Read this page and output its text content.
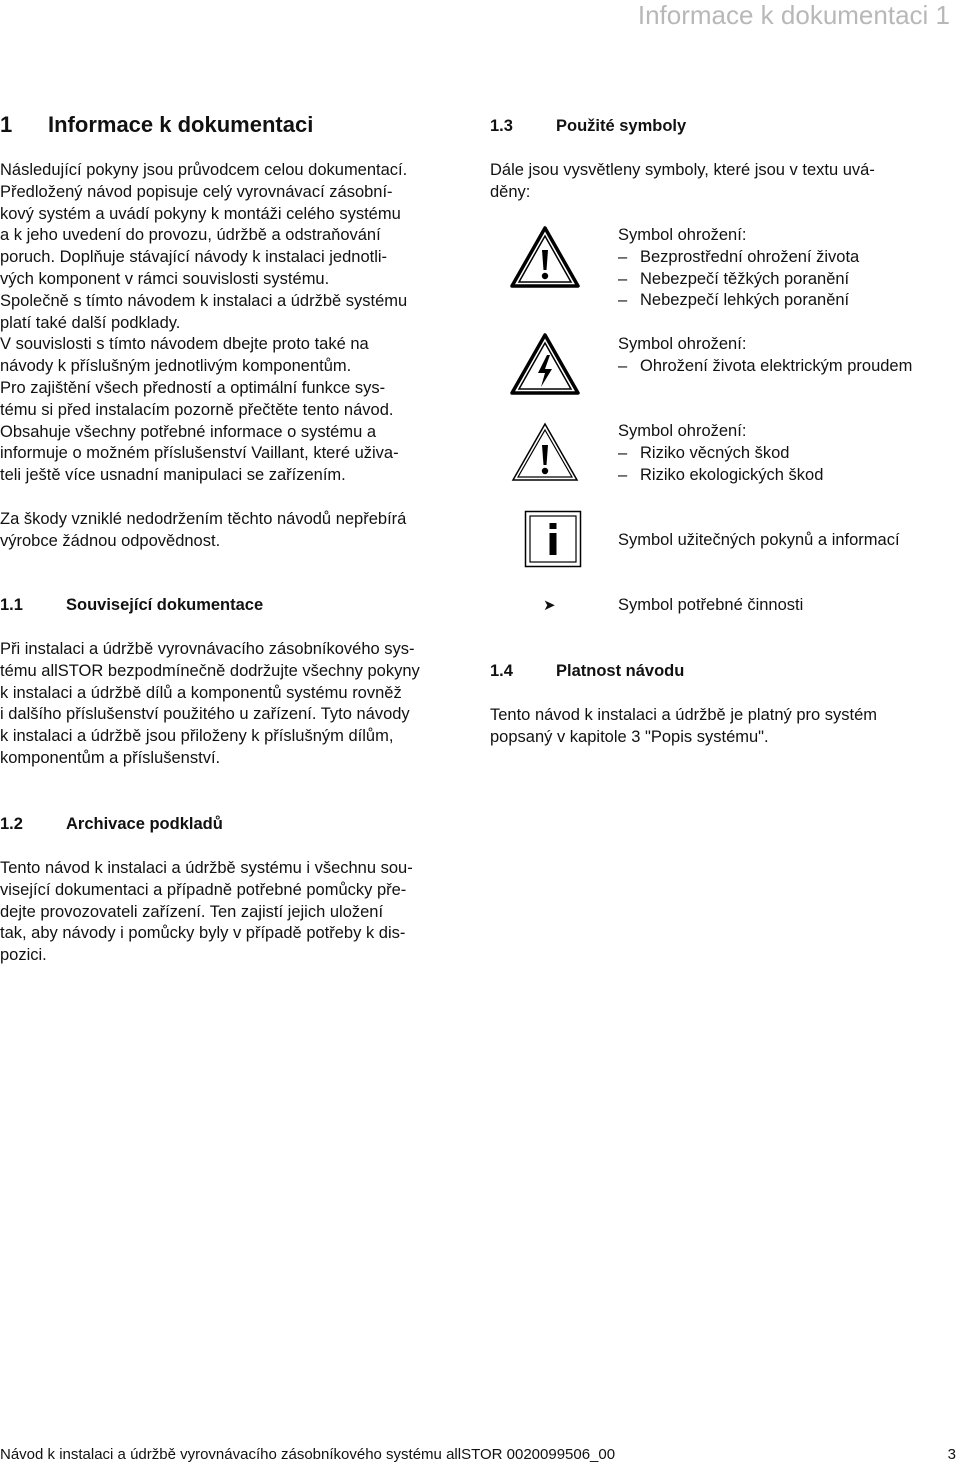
Informace k dokumentaci 1
1 Informace k dokumentaci

Následující pokyny jsou průvodcem celou dokumentací.

Předložený návod popisuje celý vyrovnávací zásobní-

kový systém a uvádí pokyny k montáži celého systému

a k jeho uvedení do provozu, údržbě a odstraňování

poruch. Doplňuje stávající návody k instalaci jednotli-

vých komponent v rámci souvislosti systému.

Společně s tímto návodem k instalaci a údržbě systému

platí také další podklady.

V souvislosti s tímto návodem dbejte proto také na

návody k příslušným jednotlivým komponentům.

Pro zajištění všech předností a optimální funkce sys-

tému si před instalacím pozorně přečtěte tento návod.

Obsahuje všechny potřebné informace o systému a

informuje o možném příslušenství Vaillant, které uživa-

teli ještě více usnadní manipulaci se zařízením.

Za škody vzniklé nedodržením těchto návodů nepřebírá

výrobce žádnou odpovědnost.

1.1	Související dokumentace

Při instalaci a údržbě vyrovnávacího zásobníkového sys-

tému allSTOR bezpodmínečně dodržujte všechny pokyny

k instalaci a údržbě dílů a komponentů systému rovněž

i dalšího příslušenství použitého u zařízení. Tyto návody

k instalaci a údržbě jsou přiloženy k příslušným dílům,

komponentům a příslušenství.

1.2	Archivace podkladů

Tento návod k instalaci a údržbě systému i všechnu sou-

visející dokumentaci a případně potřebné pomůcky pře-

dejte provozovateli zařízení. Ten zajistí jejich uložení

tak, aby návody i pomůcky byly v případě potřeby k dis-

pozici.

1.3	Použité symboly

Dále jsou vysvětleny symboly, které jsou v textu uvá-

děny:

Symbol ohrožení:
– Bezprostřední ohrožení života
– Nebezpečí těžkých poranění
– Nebezpečí lehkých poranění
Symbol ohrožení:
– Ohrožení života elektrickým proudem
Symbol ohrožení:
– Riziko věcných škod
– Riziko ekologických škod
Symbol užitečných pokynů a informací
➤	Symbol potřebné činnosti
1.4	Platnost návodu

Tento návod k instalaci a údržbě je platný pro systém

popsaný v kapitole 3 "Popis systému".

Návod k instalaci a údržbě vyrovnávacího zásobníkového systému allSTOR 0020099506_00	3
